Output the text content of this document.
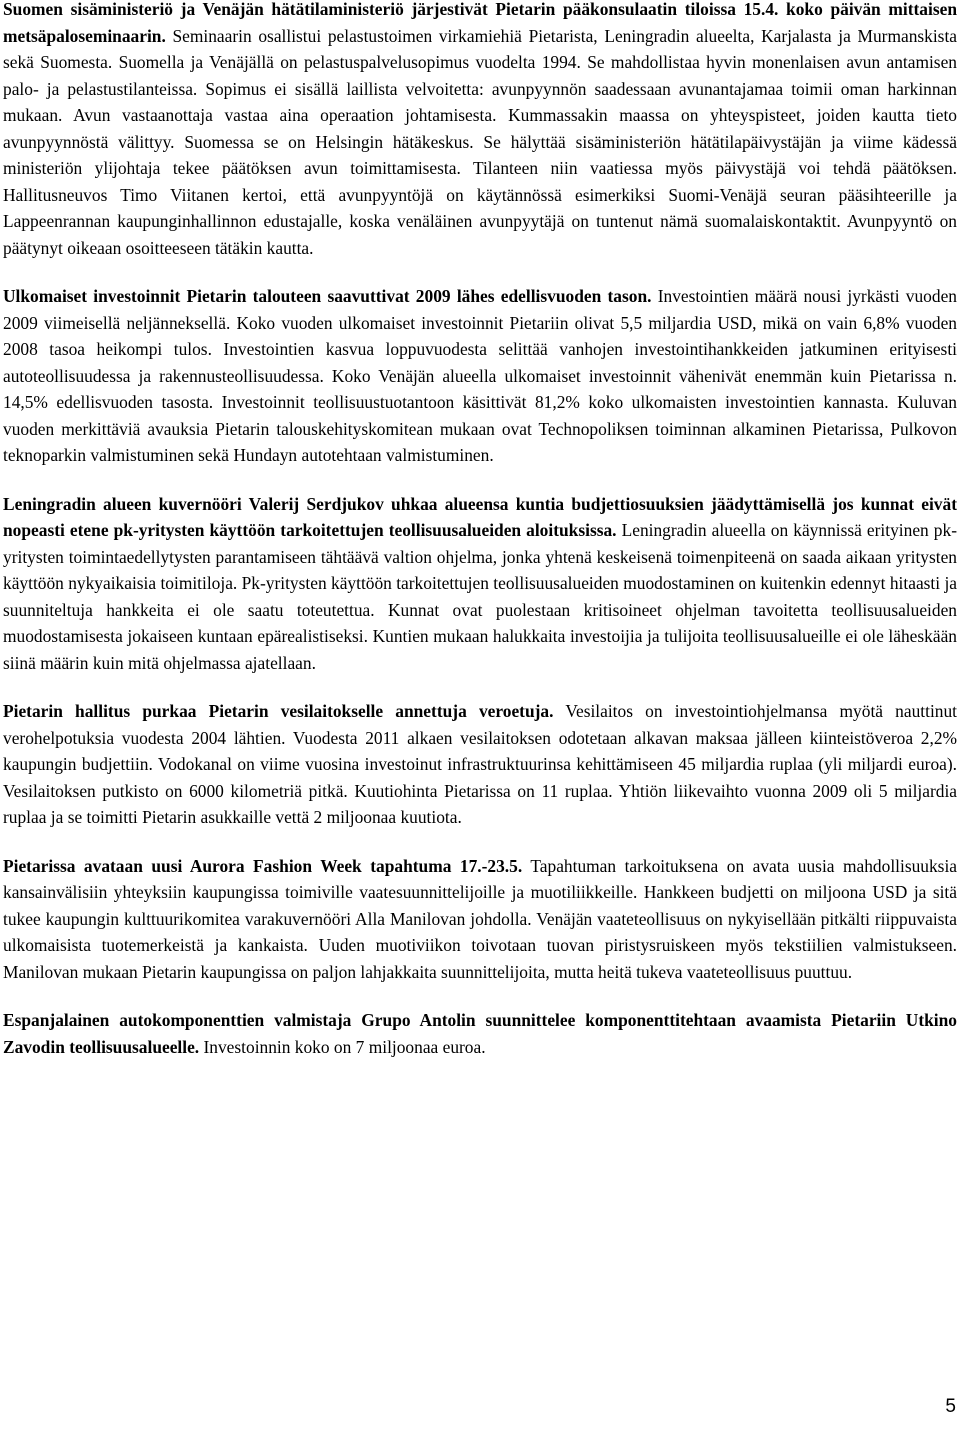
Suomen sisäministeriö ja Venäjän hätätilaministeriö järjestivät Pietarin pääkonsulaatin tiloissa 15.4. koko päivän mittaisen metsäpaloseminaarin. Seminaarin osallistui pelastustoimen virkamiehiä Pietarista, Leningradin alueelta, Karjalasta ja Murmanskista sekä Suomesta. Suomella ja Venäjällä on pelastuspalvelusopimus vuodelta 1994. Se mahdollistaa hyvin monenlaisen avun antamisen palo- ja pelastustilanteissa. Sopimus ei sisällä laillista velvoitetta: avunpyynnön saadessaan avunantajamaa toimii oman harkinnan mukaan. Avun vastaanottaja vastaa aina operaation johtamisesta. Kummassakin maassa on yhteyspisteet, joiden kautta tieto avunpyynnöstä välittyy. Suomessa se on Helsingin hätäkeskus. Se hälyttää sisäministeriön hätätilapäivystäjän ja viime kädessä ministeriön ylijohtaja tekee päätöksen avun toimittamisesta. Tilanteen niin vaatiessa myös päivystäjä voi tehdä päätöksen. Hallitusneuvos Timo Viitanen kertoi, että avunpyyntöjä on käytännössä esimerkiksi Suomi-Venäjä seuran pääsihteerille ja Lappeenrannan kaupunginhallinnon edustajalle, koska venäläinen avunpyytäjä on tuntenut nämä suomalaiskontaktit. Avunpyyntö on päätynyt oikeaan osoitteeseen tätäkin kautta.

Ulkomaiset investoinnit Pietarin talouteen saavuttivat 2009 lähes edellisvuoden tason. Investointien määrä nousi jyrkästi vuoden 2009 viimeisellä neljänneksellä. Koko vuoden ulkomaiset investoinnit Pietariin olivat 5,5 miljardia USD, mikä on vain 6,8% vuoden 2008 tasoa heikompi tulos. Investointien kasvua loppuvuodesta selittää vanhojen investointihankkeiden jatkuminen erityisesti autoteollisuudessa ja rakennusteollisuudessa. Koko Venäjän alueella ulkomaiset investoinnit vähenivät enemmän kuin Pietarissa n. 14,5% edellisvuoden tasosta. Investoinnit teollisuustuotantoon käsittivät 81,2% koko ulkomaisten investointien kannasta. Kuluvan vuoden merkittäviä avauksia Pietarin talouskehityskomitean mukaan ovat Technopoliksen toiminnan alkaminen Pietarissa, Pulkovon teknoparkin valmistuminen sekä Hundayn autotehtaan valmistuminen.

Leningradin alueen kuvernööri Valerij Serdjukov uhkaa alueensa kuntia budjettiosuuksien jäädyttämisellä jos kunnat eivät nopeasti etene pk-yritysten käyttöön tarkoitettujen teollisuusalueiden aloituksissa. Leningradin alueella on käynnissä erityinen pk-yritysten toimintaedellytysten parantamiseen tähtäävä valtion ohjelma, jonka yhtenä keskeisenä toimenpiteenä on saada aikaan yritysten käyttöön nykyaikaisia toimitiloja. Pk-yritysten käyttöön tarkoitettujen teollisuusalueiden muodostaminen on kuitenkin edennyt hitaasti ja suunniteltuja hankkeita ei ole saatu toteutettua. Kunnat ovat puolestaan kritisoineet ohjelman tavoitetta teollisuusalueiden muodostamisesta jokaiseen kuntaan epärealistiseksi. Kuntien mukaan halukkaita investoijia ja tulijoita teollisuusalueille ei ole läheskään siinä määrin kuin mitä ohjelmassa ajatellaan.

Pietarin hallitus purkaa Pietarin vesilaitokselle annettuja veroetuja. Vesilaitos on investointiohjelmansa myötä nauttinut verohelpotuksia vuodesta 2004 lähtien. Vuodesta 2011 alkaen vesilaitoksen odotetaan alkavan maksaa jälleen kiinteistöveroa 2,2% kaupungin budjettiin. Vodokanal on viime vuosina investoinut infrastruktuurinsa kehittämiseen 45 miljardia ruplaa (yli miljardi euroa). Vesilaitoksen putkisto on 6000 kilometriä pitkä. Kuutiohinta Pietarissa on 11 ruplaa. Yhtiön liikevaihto vuonna 2009 oli 5 miljardia ruplaa ja se toimitti Pietarin asukkaille vettä 2 miljoonaa kuutiota.

Pietarissa avataan uusi Aurora Fashion Week tapahtuma 17.-23.5. Tapahtuman tarkoituksena on avata uusia mahdollisuuksia kansainvälisiin yhteyksiin kaupungissa toimiville vaatesuunnittelijoille ja muotiliikkeille. Hankkeen budjetti on miljoona USD ja sitä tukee kaupungin kulttuurikomitea varakuvernööri Alla Manilovan johdolla. Venäjän vaateteollisuus on nykyisellään pitkälti riippuvaista ulkomaisista tuotemerkeistä ja kankaista. Uuden muotiviikon toivotaan tuovan piristysruiskeen myös tekstiilien valmistukseen. Manilovan mukaan Pietarin kaupungissa on paljon lahjakkaita suunnittelijoita, mutta heitä tukeva vaateteollisuus puuttuu.

Espanjalainen autokomponenttien valmistaja Grupo Antolin suunnittelee komponenttitehtaan avaamista Pietariin Utkino Zavodin teollisuusalueelle. Investoinnin koko on 7 miljoonaa euroa.

5
